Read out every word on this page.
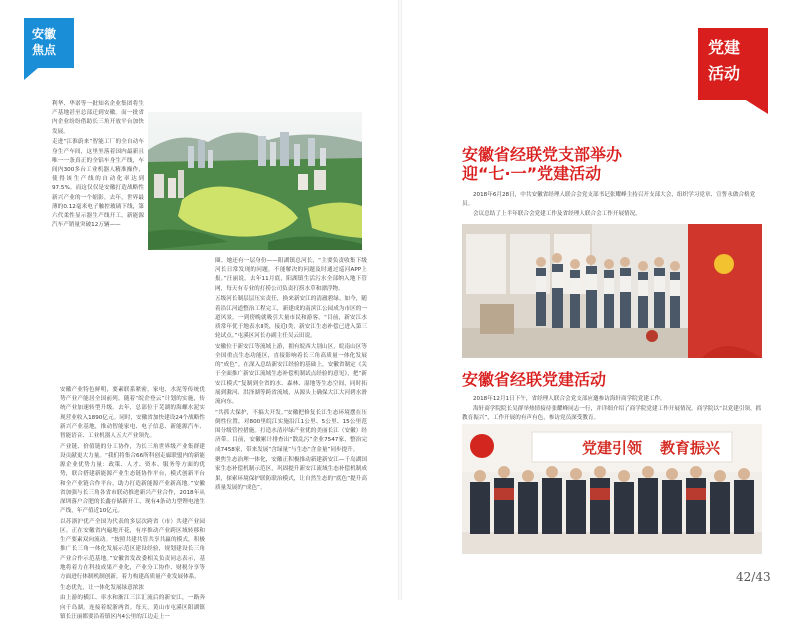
安徽
焦点

利华、华诺等一批知名企业集团将生产基地甚至总部迁到安徽。而一批省内企业纷纷借助长三角开放平台加快发展。

走进“江淮蔚来”智能工厂的全自动车身生产车间，这里坐落着国内最新且唯一一条真正的全铝车身生产线，车间内300多台工业机器人精准操作，使得该生产线的自动化率达到97.5%。而这仅仅是安徽打造战略性新兴产业的一个缩影。去年，世界最薄的0.12毫米电子触控玻璃下线，第六代柔性显示器生产线开工，新能源汽车产销量突破12万辆——

安徽产业特色鲜明，要素联系紧密，家电、水泥等传统优势产业产能居全国前列。随着“皖企登云”计划的实施，传统产业加速转型升级。去年，总部位于芜湖的海螺水泥实现营业收入1890亿元。同时，安徽省加快建设24个战略性新兴产业基地，推动智能家电、电子信息、新能源汽车、智能语音、工业机器人五大产业领先。

产业链、价值链的分工协作，为长三角世界级产业集群建设贡献更大力量。“我们将集合66所科创走廊联盟内的新能源企业优势力量：政策、人才、资本、服务等方面的优势，联合搭建新能源产业生态链协作平台，模式创新平台和全产业链合作平台，助力打造新能源产业新高地。”安徽省加强与长三角各省市联动推进新兴产业合作，2018年从深圳落户合肥的长鑫存储新开工，现有4条动力型锂电池生产线，年产值近10亿元。

以苏浙沪优产全国为代表的多层次跨省（市）共建产业园区。正在安徽省内遍地开花，有序推动产业跨区域转移和生产要素双向流动。“按照共建共管共享共赢的模式，积极推广长三角一体化发展示范区建设经验，规划建设长三角产业合作示范基地。”安徽省发改委相关负责同志表示，基地将着力在科技成果产业化，产业分工协作、财税分享等方面进行体制机制创新，着力构建高质量产业发展体系。

生态优先，让一体化发展绿意浓浓

由上游的横江、率水和渐江三江汇流后的新安江，一路奔向千岛湖。连接着皖浙两省。每天，黄山市屯溪区阳湖镇镇长汪丽都要沿着镇区内4公里的江边走上一

圈。她还有一层身份——阳湖镇总河长，“主要负责收集下级河长日常发现的问题，不能解决的问题及时通过巡河APP上报。”汪丽说。去年11月底，阳湖镇生活污水全部纳入地下管网，每天有专业的打捞公司负责打捞水草和漂浮物。

五级河长制层层压实责任，换来新安江的清澈碧绿。如今，随着沿江河道整治工程完工，新建成的南滨江公园成为市区的一道风景。一到傍晚就吸引大量市民和游客。“目前，新安江水质常年优于地表水Ⅱ类，接近Ⅰ类，新安江生态补偿已进入第三轮试点。”屯溪区河长办副主任吴云田说。

安徽位于新安江等流域上游，拥有皖西大别山区，皖南山区等全国重点生态功能区，直接影响着长三角高质量一体化发展的“成色”。在深入总结新安江经验的基础上，安徽省制定《关于全面推广新安江流域生态补偿机制试点经验的意见》，把“新安江模式”复制到全省的水、森林、湿地等生态空间，同时拓展到滁河、洪泽湖等跨省流域，从源头上确保大江大河碧水滑流向东。

“共抓大保护，不搞大开发。”安徽把修复长江生态环境摆在压倒性位置，对800里皖江实施沿江1公里、5公里、15公里范围分级管控措施。打造水清岸绿产业优的美丽长江（安徽）经济带。目前，安徽累计排查出“散乱污”企业7547家，整治完成7458家，带来发展“含绿量”与生态“含金量”同步提升。

聚焦生态治理一体化，安徽正积极推动新建新安江—千岛湖国家生态补偿机制示范区，巩固提升新安江流域生态补偿机制成果，探索环境保护联防联治模式，让自然生态的“底色”提升高质量发展的“成色”。

党建
活动
安徽省经联党支部举办
迎“七·一”党建活动

2018年6月28日，中共安徽省经理人联合会党支部书记张耀峰主持召开支部大会，组织学习党章、宣誓永做合格党员。

会议总结了上半年联合会党建工作及省经理人联合会工作开展情况。

安徽省经联党建活动

2018年12月1日下午，省经理人联合会党支部应邀参访海轩商学院党建工作。

海轩商学院院长吴群举热情接待张耀峰同志一行，并详细介绍了商学院党建工作开展情况。商学院以“以党建引领，抓教育振兴”，工作开展的有声有色，参访党员深受教育。

党建引领 教育振兴
42/43
